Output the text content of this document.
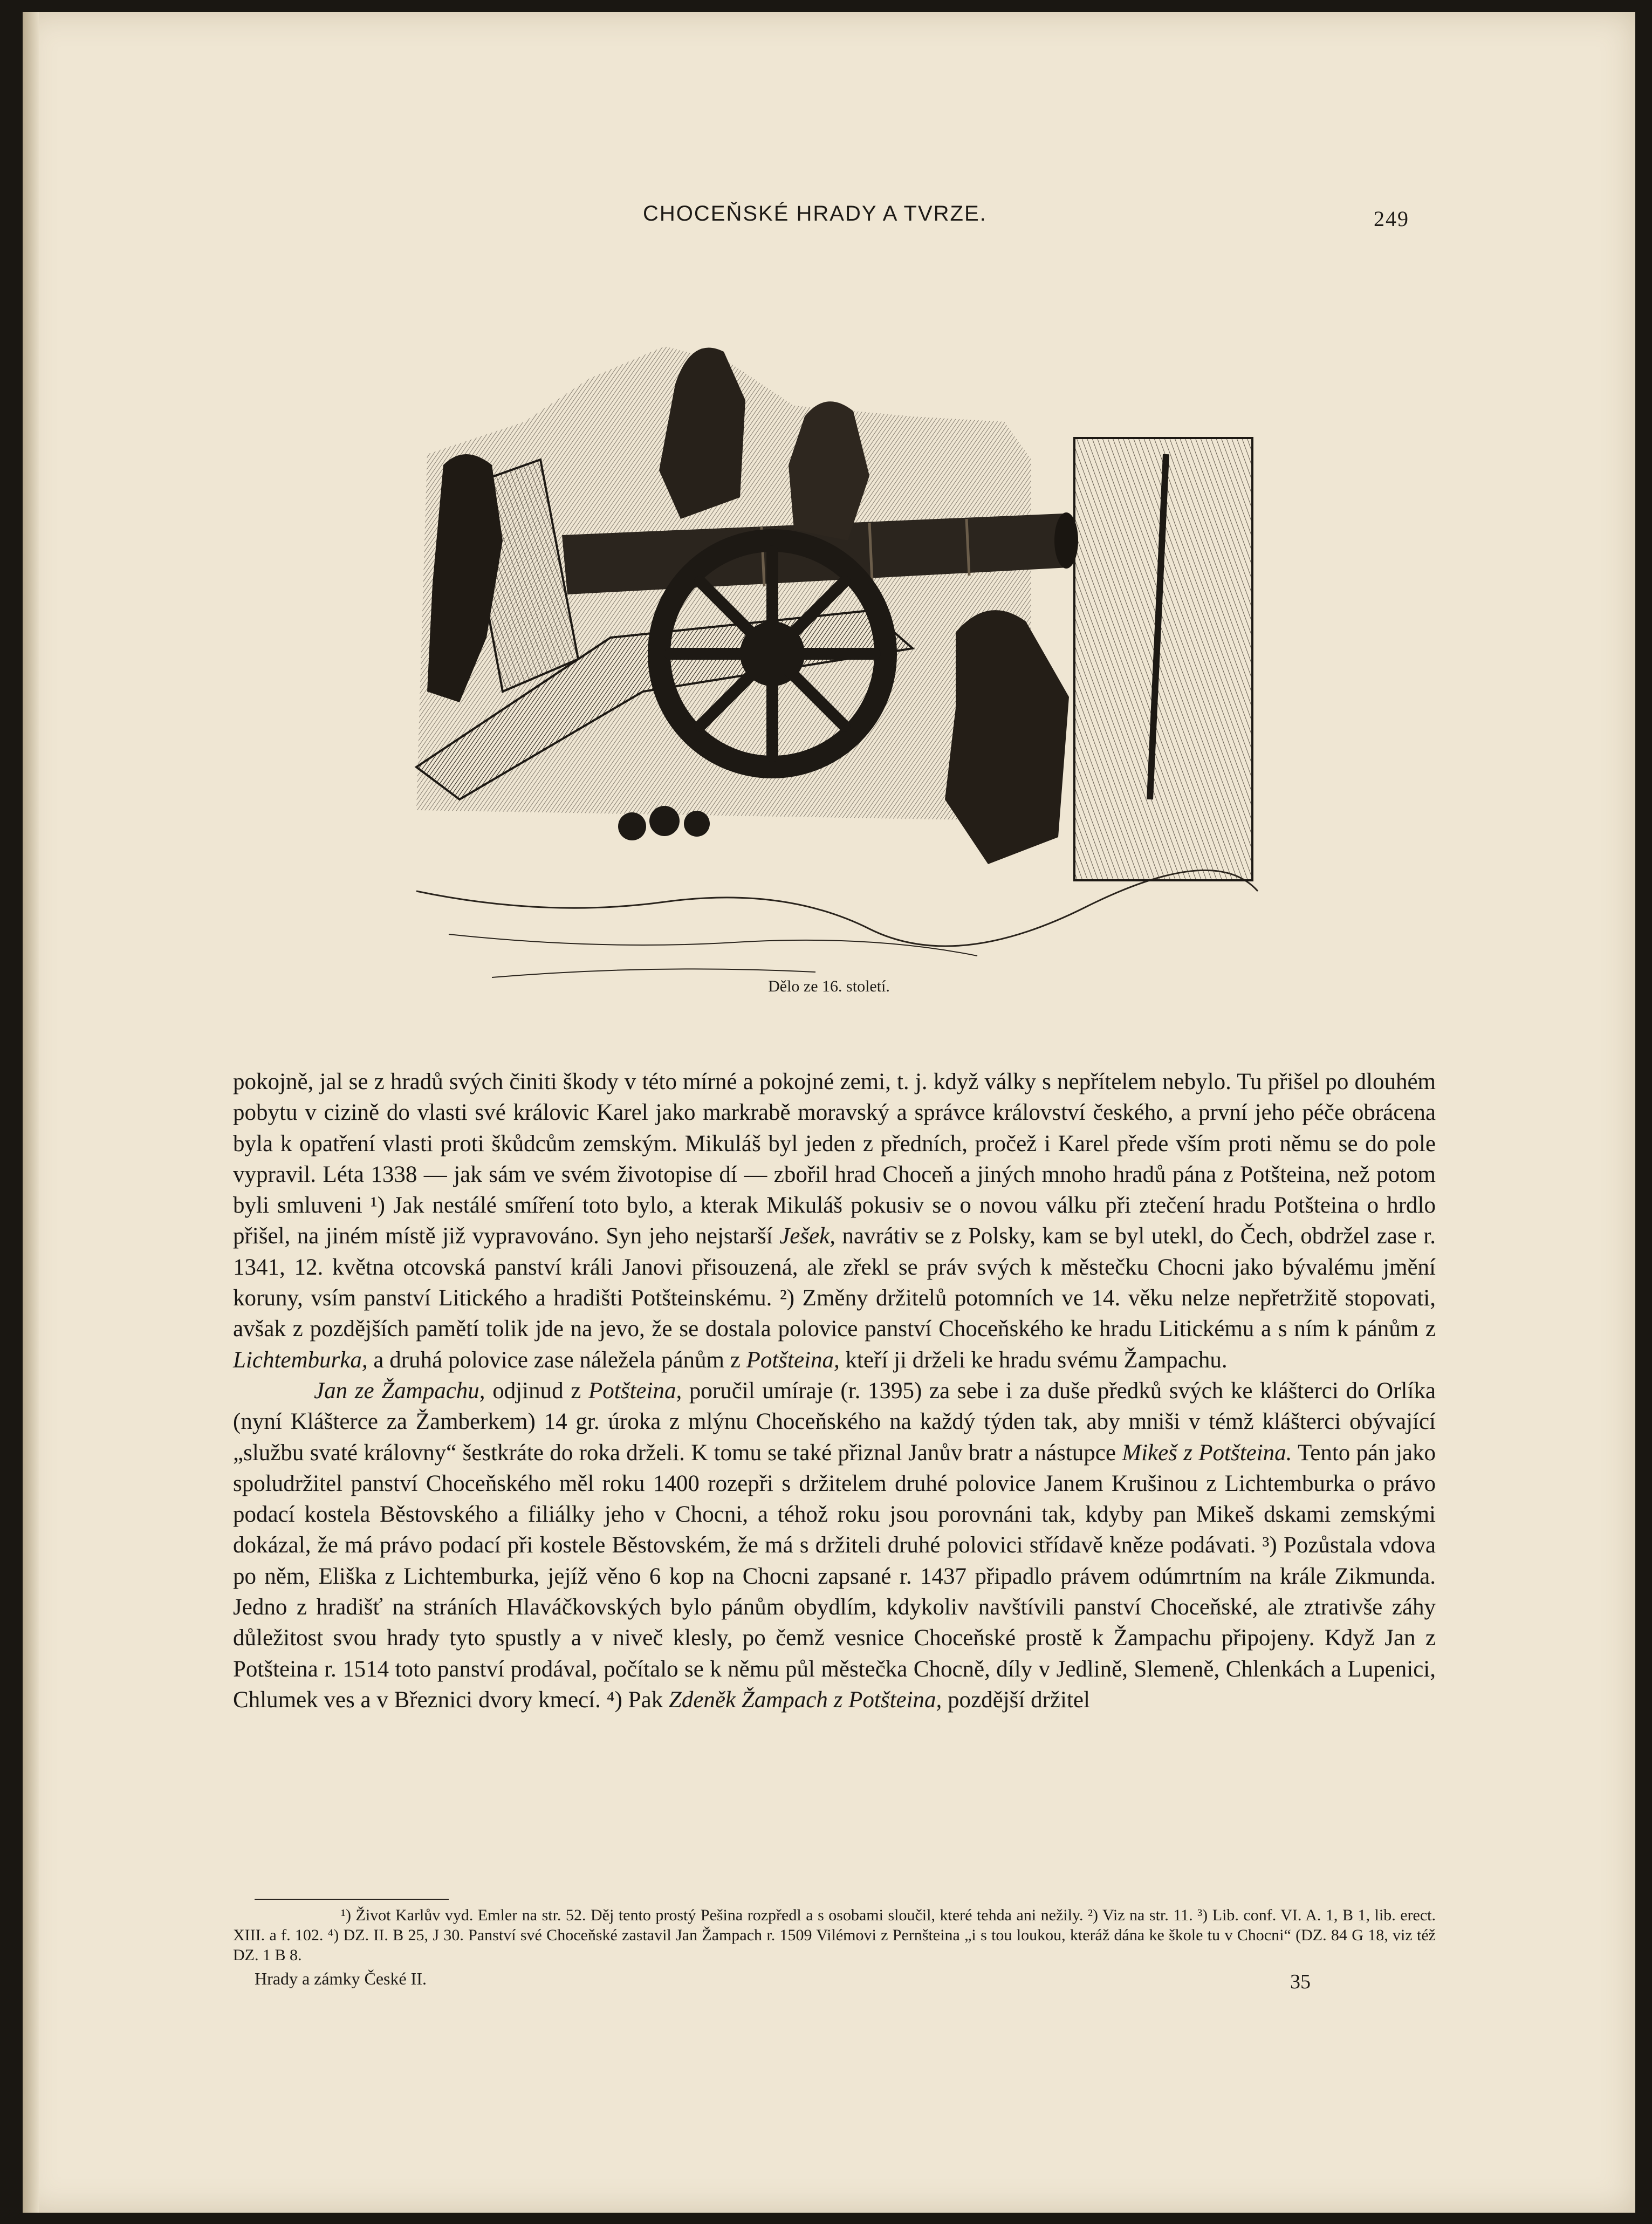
CHOCEŇSKÉ HRADY A TVRZE.	249
Dělo ze 16. století.

pokojně, jal se z hradů svých činiti škody v této mírné a pokojné zemi, t. j. když války s nepřítelem nebylo. Tu přišel po dlouhém pobytu v cizině do vlasti své královic Karel jako markrabě moravský a správce království českého, a první jeho péče obrácena byla k opatření vlasti proti škůdcům zemským. Mikuláš byl jeden z předních, pročež i Karel přede vším proti němu se do pole vypravil. Léta 1338 — jak sám ve svém životopise dí — zbořil hrad Choceň a jiných mnoho hradů pána z Potšteina, než potom byli smluveni ¹) Jak nestálé smíření toto bylo, a kterak Mikuláš pokusiv se o novou válku při ztečení hradu Potšteina o hrdlo přišel, na jiném místě již vypravováno. Syn jeho nejstarší Ješek, navrátiv se z Polsky, kam se byl utekl, do Čech, obdržel zase r. 1341, 12. května otcovská panství králi Janovi přisouzená, ale zřekl se práv svých k městečku Chocni jako bývalému jmění koruny, vsím panství Litického a hradišti Potšteinskému. ²) Změny držitelů potomních ve 14. věku nelze nepřetržitě stopovati, avšak z pozdějších pamětí tolik jde na jevo, že se dostala polovice panství Choceňského ke hradu Litickému a s ním k pánům z Lichtemburka, a druhá polovice zase náležela pánům z Potšteina, kteří ji drželi ke hradu svému Žampachu.

Jan ze Žampachu, odjinud z Potšteina, poručil umíraje (r. 1395) za sebe i za duše předků svých ke klášterci do Orlíka (nyní Klášterce za Žamberkem) 14 gr. úroka z mlýnu Choceňského na každý týden tak, aby mniši v témž klášterci obývající „službu svaté královny“ šestkráte do roka drželi. K tomu se také přiznal Janův bratr a nástupce Mikeš z Potšteina. Tento pán jako spoludržitel panství Choceňského měl roku 1400 rozepři s držitelem druhé polovice Janem Krušinou z Lichtemburka o právo podací kostela Běstovského a filiálky jeho v Chocni, a téhož roku jsou porovnáni tak, kdyby pan Mikeš dskami zemskými dokázal, že má právo podací při kostele Běstovském, že má s držiteli druhé polovici střídavě kněze podávati. ³) Pozůstala vdova po něm, Eliška z Lichtemburka, jejíž věno 6 kop na Chocni zapsané r. 1437 připadlo právem odúmrtním na krále Zikmunda. Jedno z hradišť na stráních Hlaváčkovských bylo pánům obydlím, kdykoliv navštívili panství Choceňské, ale ztrativše záhy důležitost svou hrady tyto spustly a v niveč klesly, po čemž vesnice Choceňské prostě k Žampachu připojeny. Když Jan z Potšteina r. 1514 toto panství prodával, počítalo se k němu půl městečka Chocně, díly v Jedlině, Slemeně, Chlenkách a Lupenici, Chlumek ves a v Březnici dvory kmecí. ⁴) Pak Zdeněk Žampach z Potšteina, pozdější držitel

¹) Život Karlův vyd. Emler na str. 52. Děj tento prostý Pešina rozpředl a s osobami sloučil, které tehda ani nežily. ²) Viz na str. 11. ³) Lib. conf. VI. A. 1, B 1, lib. erect. XIII. a f. 102. ⁴) DZ. II. B 25, J 30. Panství své Choceňské zastavil Jan Žampach r. 1509 Vilémovi z Pernšteina „i s tou loukou, kteráž dána ke škole tu v Chocni“ (DZ. 84 G 18, viz též DZ. 1 B 8.

Hrady a zámky České II.	35
